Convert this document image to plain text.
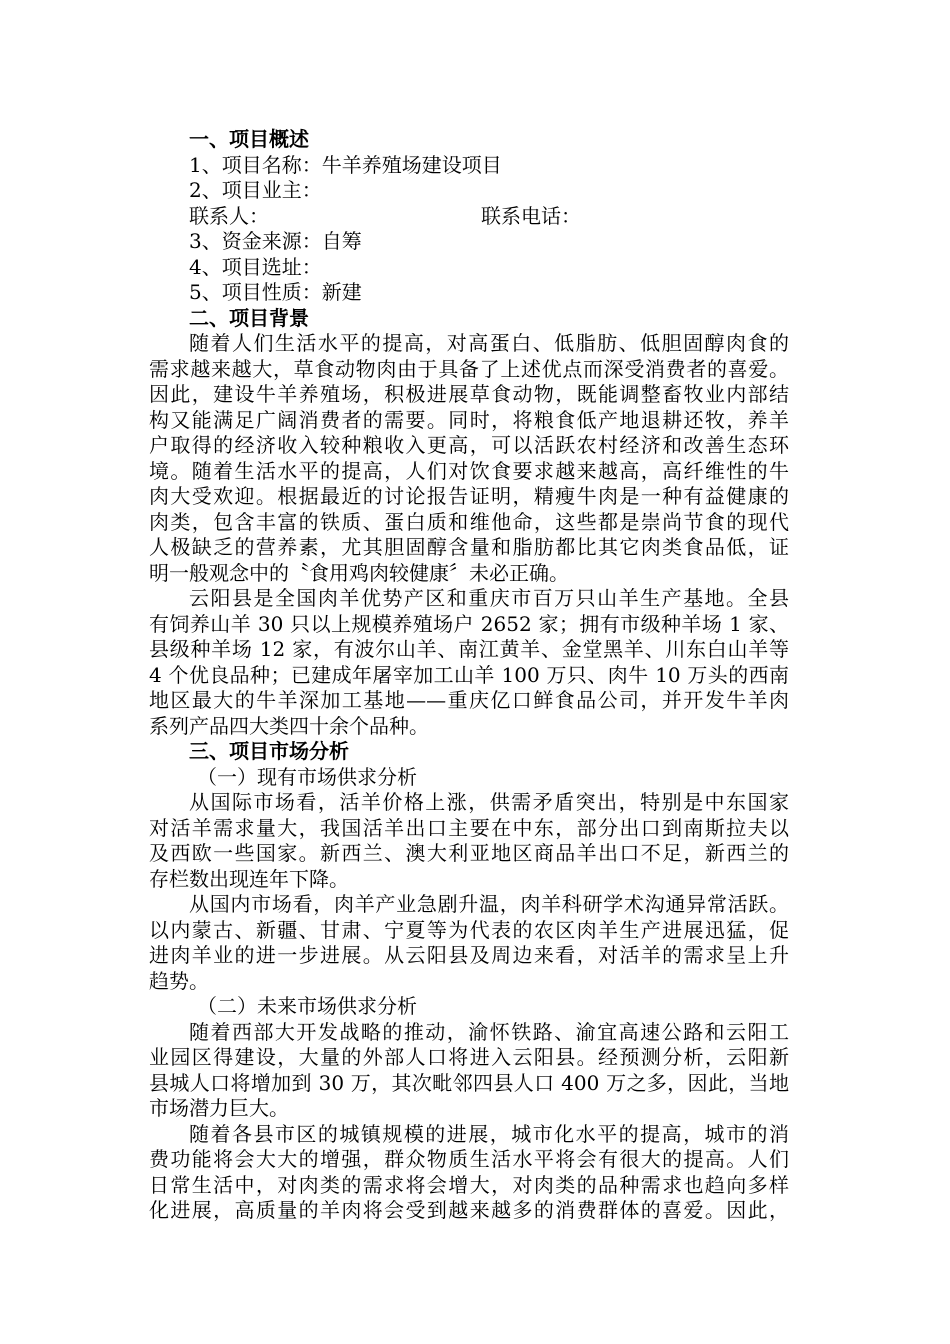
一、项目概述
1、项目名称：牛羊养殖场建设项目
2、项目业主：
联系人：	联系电话：
3、资金来源：自筹
4、项目选址：
5、项目性质：新建
二、项目背景
随着人们生活水平的提高，对高蛋白、低脂肪、低胆固醇肉食的
需求越来越大，草食动物肉由于具备了上述优点而深受消费者的喜爱。
因此，建设牛羊养殖场，积极进展草食动物，既能调整畜牧业内部结
构又能满足广阔消费者的需要。同时，将粮食低产地退耕还牧，养羊
户取得的经济收入较种粮收入更高，可以活跃农村经济和改善生态环
境。随着生活水平的提高，人们对饮食要求越来越高，高纤维性的牛
肉大受欢迎。根据最近的讨论报告证明，精瘦牛肉是一种有益健康的
肉类，包含丰富的铁质、蛋白质和维他命，这些都是崇尚节食的现代
人极缺乏的营养素，尤其胆固醇含量和脂肪都比其它肉类食品低，证
明一般观念中的〝食用鸡肉较健康〞未必正确。
云阳县是全国肉羊优势产区和重庆市百万只山羊生产基地。全县
有饲养山羊 30 只以上规模养殖场户 2652 家；拥有市级种羊场 1 家、
县级种羊场 12 家，有波尔山羊、南江黄羊、金堂黑羊、川东白山羊等
4 个优良品种；已建成年屠宰加工山羊 100 万只、肉牛 10 万头的西南
地区最大的牛羊深加工基地——重庆亿口鲜食品公司，并开发牛羊肉
系列产品四大类四十余个品种。
三、项目市场分析
（一）现有市场供求分析
从国际市场看，活羊价格上涨，供需矛盾突出，特别是中东国家
对活羊需求量大，我国活羊出口主要在中东，部分出口到南斯拉夫以
及西欧一些国家。新西兰、澳大利亚地区商品羊出口不足，新西兰的
存栏数出现连年下降。
从国内市场看，肉羊产业急剧升温，肉羊科研学术沟通异常活跃。
以内蒙古、新疆、甘肃、宁夏等为代表的农区肉羊生产进展迅猛，促
进肉羊业的进一步进展。从云阳县及周边来看，对活羊的需求呈上升
趋势。
（二）未来市场供求分析
随着西部大开发战略的推动，渝怀铁路、渝宜高速公路和云阳工
业园区得建设，大量的外部人口将进入云阳县。经预测分析，云阳新
县城人口将增加到 30 万，其次毗邻四县人口 400 万之多，因此，当地
市场潜力巨大。
随着各县市区的城镇规模的进展，城市化水平的提高，城市的消
费功能将会大大的增强，群众物质生活水平将会有很大的提高。人们
日常生活中，对肉类的需求将会增大，对肉类的品种需求也趋向多样
化进展，高质量的羊肉将会受到越来越多的消费群体的喜爱。因此，
